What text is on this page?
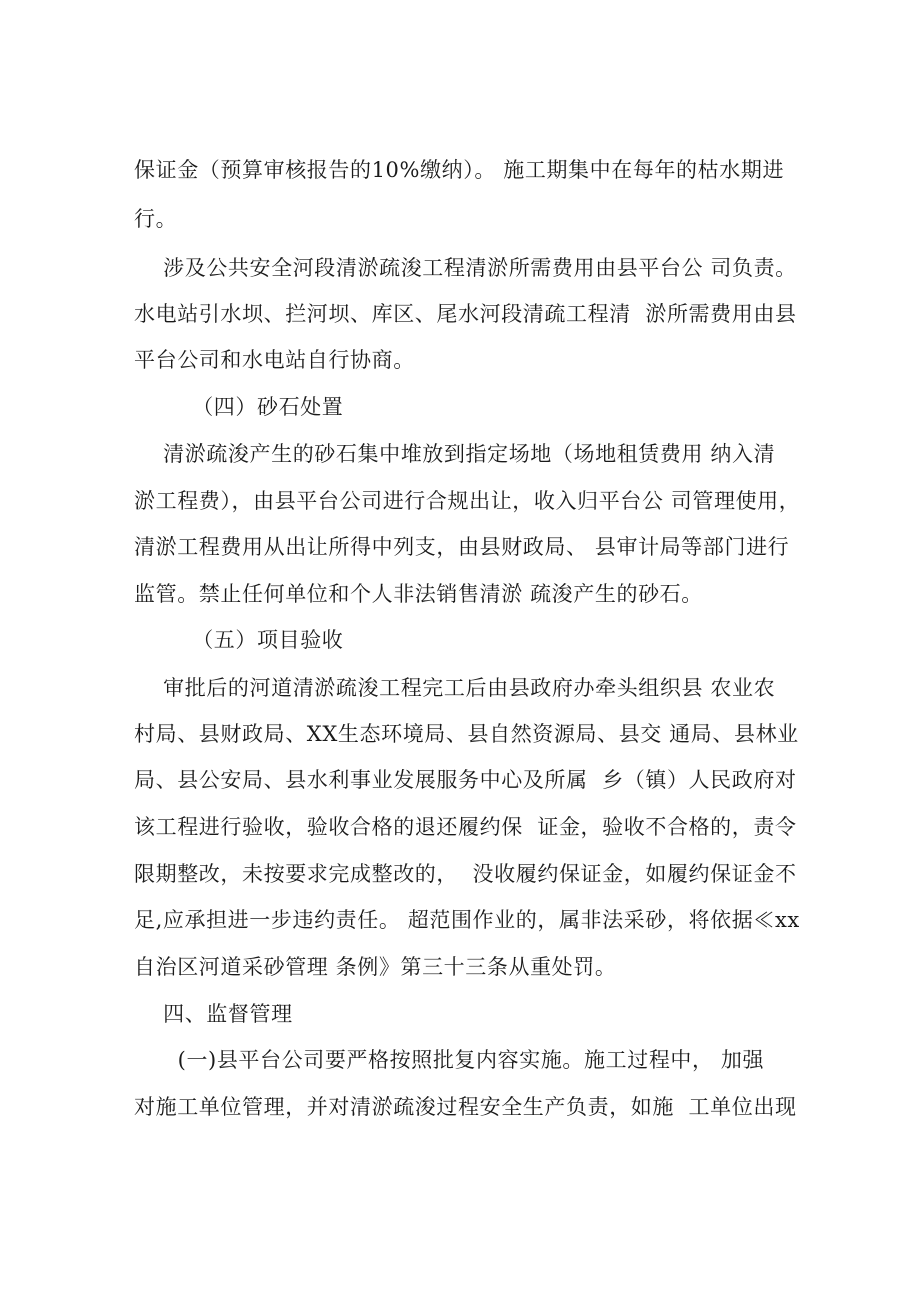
保证金（预算审核报告的10%缴纳）。 施工期集中在每年的枯水期进
行。
涉及公共安全河段清淤疏浚工程清淤所需费用由县平台公 司负责。
水电站引水坝、拦河坝、库区、尾水河段清疏工程清  淤所需费用由县
平台公司和水电站自行协商。
（四）砂石处置
清淤疏浚产生的砂石集中堆放到指定场地（场地租赁费用 纳入清
淤工程费），由县平台公司进行合规出让，收入归平台公 司管理使用，
清淤工程费用从出让所得中列支，由县财政局、 县审计局等部门进行
监管。禁止任何单位和个人非法销售清淤 疏浚产生的砂石。
（五）项目验收
审批后的河道清淤疏浚工程完工后由县政府办牵头组织县 农业农
村局、县财政局、XX生态环境局、县自然资源局、县交 通局、县林业
局、县公安局、县水利事业发展服务中心及所属  乡（镇）人民政府对
该工程进行验收，验收合格的退还履约保  证金，验收不合格的，责令
限期整改，未按要求完成整改的，  没收履约保证金，如履约保证金不
足,应承担进一步违约责任。 超范围作业的，属非法采砂，将依据≪xx
自治区河道采砂管理 条例》第三十三条从重处罚。
四、监督管理
(一)县平台公司要严格按照批复内容实施。施工过程中， 加强
对施工单位管理，并对清淤疏浚过程安全生产负责，如施  工单位出现
